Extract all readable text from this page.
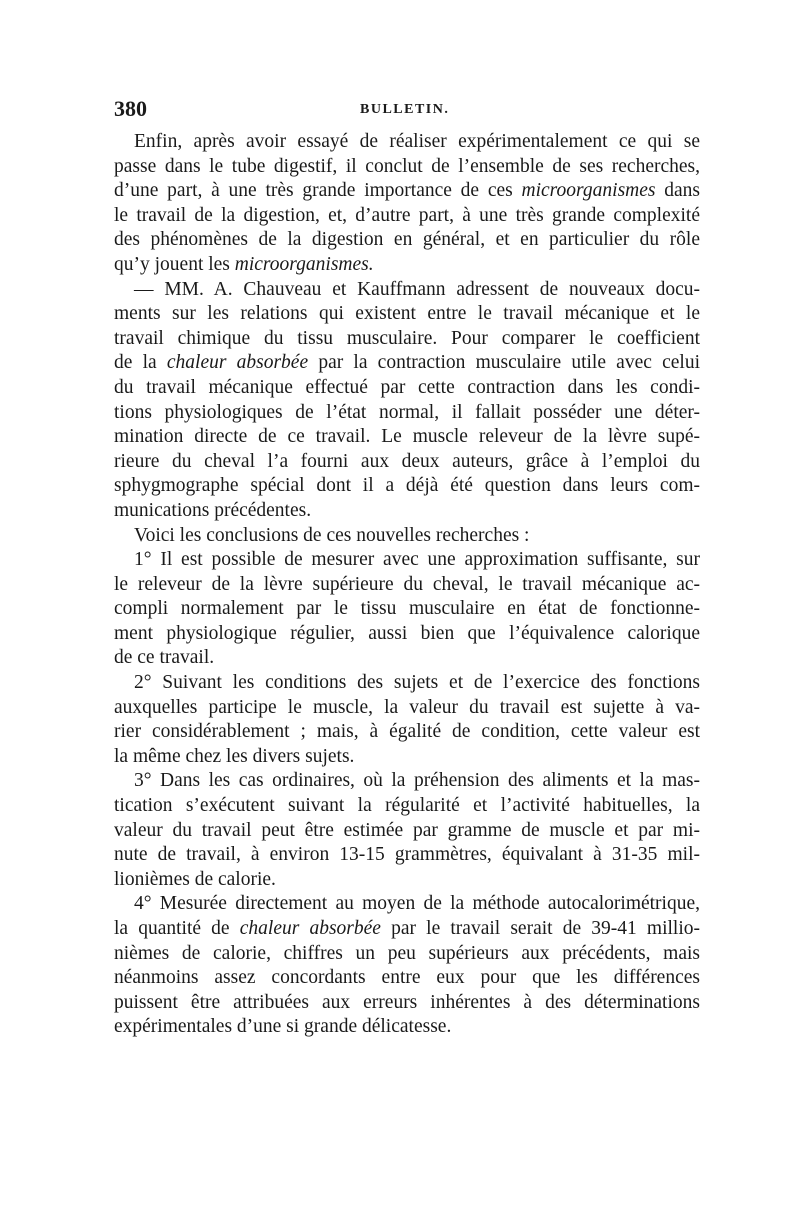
380	BULLETIN.
Enfin, après avoir essayé de réaliser expérimentalement ce qui se
passe dans le tube digestif, il conclut de l’ensemble de ses recherches,
d’une part, à une très grande importance de ces microorganismes dans
le travail de la digestion, et, d’autre part, à une très grande complexité
des phénomènes de la digestion en général, et en particulier du rôle
qu’y jouent les microorganismes.
— MM. A. Chauveau et Kauffmann adressent de nouveaux docu-
ments sur les relations qui existent entre le travail mécanique et le
travail chimique du tissu musculaire. Pour comparer le coefficient
de la chaleur absorbée par la contraction musculaire utile avec celui
du travail mécanique effectué par cette contraction dans les condi-
tions physiologiques de l’état normal, il fallait posséder une déter-
mination directe de ce travail. Le muscle releveur de la lèvre supé-
rieure du cheval l’a fourni aux deux auteurs, grâce à l’emploi du
sphygmographe spécial dont il a déjà été question dans leurs com-
munications précédentes.
Voici les conclusions de ces nouvelles recherches :
1° Il est possible de mesurer avec une approximation suffisante, sur
le releveur de la lèvre supérieure du cheval, le travail mécanique ac-
compli normalement par le tissu musculaire en état de fonctionne-
ment physiologique régulier, aussi bien que l’équivalence calorique
de ce travail.
2° Suivant les conditions des sujets et de l’exercice des fonctions
auxquelles participe le muscle, la valeur du travail est sujette à va-
rier considérablement ; mais, à égalité de condition, cette valeur est
la même chez les divers sujets.
3° Dans les cas ordinaires, où la préhension des aliments et la mas-
tication s’exécutent suivant la régularité et l’activité habituelles, la
valeur du travail peut être estimée par gramme de muscle et par mi-
nute de travail, à environ 13-15 grammètres, équivalant à 31-35 mil-
lionièmes de calorie.
4° Mesurée directement au moyen de la méthode autocalorimétrique,
la quantité de chaleur absorbée par le travail serait de 39-41 millio-
nièmes de calorie, chiffres un peu supérieurs aux précédents, mais
néanmoins assez concordants entre eux pour que les différences
puissent être attribuées aux erreurs inhérentes à des déterminations
expérimentales d’une si grande délicatesse.
